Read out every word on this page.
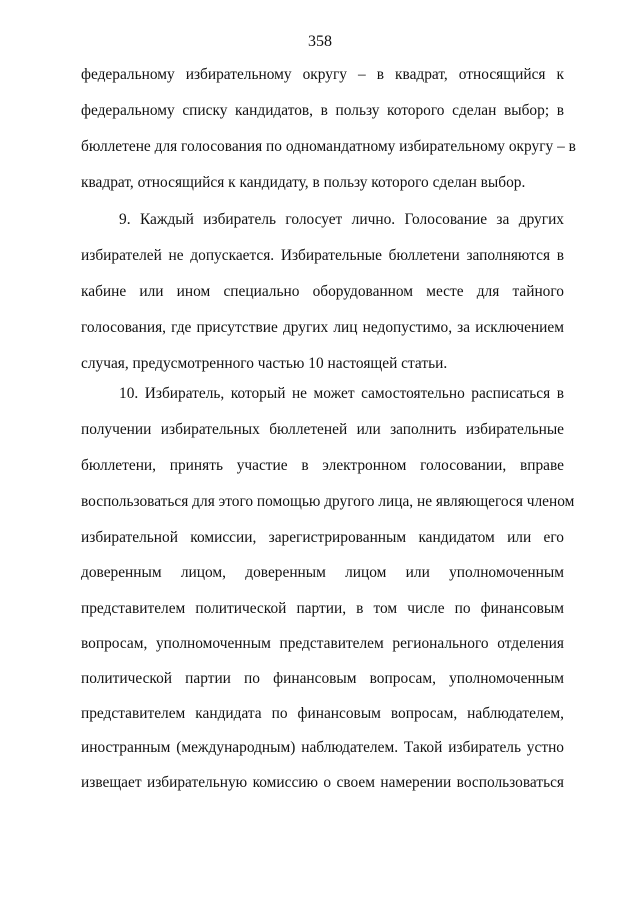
358
федеральному избирательному округу – в квадрат, относящийся к
федеральному списку кандидатов, в пользу которого сделан выбор; в
бюллетене для голосования по одномандатному избирательному округу – в
квадрат, относящийся к кандидату, в пользу которого сделан выбор.
9. Каждый избиратель голосует лично. Голосование за других
избирателей не допускается. Избирательные бюллетени заполняются в
кабине или ином специально оборудованном месте для тайного
голосования, где присутствие других лиц недопустимо, за исключением
случая, предусмотренного частью 10 настоящей статьи.
10. Избиратель, который не может самостоятельно расписаться в
получении избирательных бюллетеней или заполнить избирательные
бюллетени, принять участие в электронном голосовании, вправе
воспользоваться для этого помощью другого лица, не являющегося членом
избирательной комиссии, зарегистрированным кандидатом или его
доверенным лицом, доверенным лицом или уполномоченным
представителем политической партии, в том числе по финансовым
вопросам, уполномоченным представителем регионального отделения
политической партии по финансовым вопросам, уполномоченным
представителем кандидата по финансовым вопросам, наблюдателем,
иностранным (международным) наблюдателем. Такой избиратель устно
извещает избирательную комиссию о своем намерении воспользоваться
